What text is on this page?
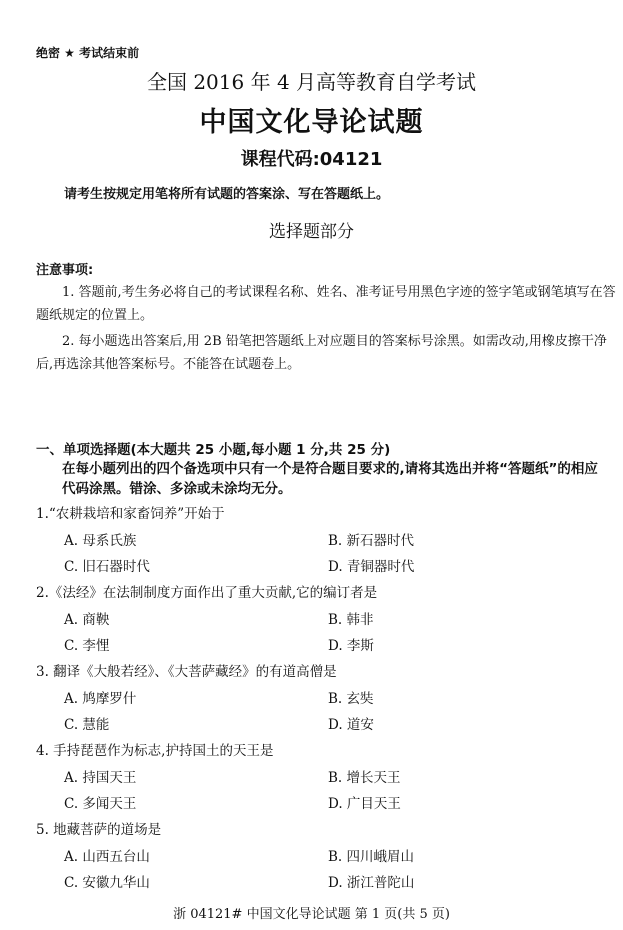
绝密 ★ 考试结束前
全国 2016 年 4 月高等教育自学考试
中国文化导论试题
课程代码:04121
请考生按规定用笔将所有试题的答案涂、写在答题纸上。
选择题部分
注意事项:
1. 答题前,考生务必将自己的考试课程名称、姓名、准考证号用黑色字迹的签字笔或钢笔填写在答题纸规定的位置上。
2. 每小题选出答案后,用 2B 铅笔把答题纸上对应题目的答案标号涂黑。如需改动,用橡皮擦干净后,再选涂其他答案标号。不能答在试题卷上。
一、单项选择题(本大题共 25 小题,每小题 1 分,共 25 分)
在每小题列出的四个备选项中只有一个是符合题目要求的,请将其选出并将“答题纸”的相应代码涂黑。错涂、多涂或未涂均无分。
1.“农耕栽培和家畜饲养”开始于
A. 母系氏族	B. 新石器时代
C. 旧石器时代	D. 青铜器时代
2.《法经》在法制制度方面作出了重大贡献,它的编订者是
A. 商鞅	B. 韩非
C. 李悝	D. 李斯
3. 翻译《大般若经》、《大菩萨藏经》的有道高僧是
A. 鸠摩罗什	B. 玄奘
C. 慧能	D. 道安
4. 手持琵琶作为标志,护持国土的天王是
A. 持国天王	B. 增长天王
C. 多闻天王	D. 广目天王
5. 地藏菩萨的道场是
A. 山西五台山	B. 四川峨眉山
C. 安徽九华山	D. 浙江普陀山
浙 04121# 中国文化导论试题 第 1 页(共 5 页)
